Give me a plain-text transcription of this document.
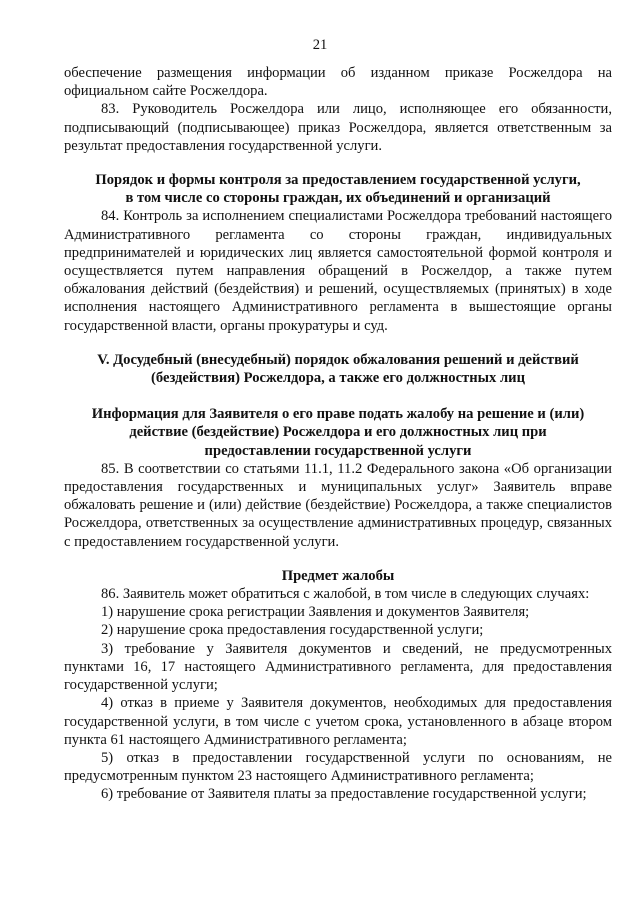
21

обеспечение размещения информации об изданном приказе Росжелдора на официальном сайте Росжелдора.

83. Руководитель Росжелдора или лицо, исполняющее его обязанности, подписывающий (подписывающее) приказ Росжелдора, является ответственным за результат предоставления государственной услуги.

Порядок и формы контроля за предоставлением государственной услуги,
в том числе со стороны граждан, их объединений и организаций

84. Контроль за исполнением специалистами Росжелдора требований настоящего Административного регламента со стороны граждан, индивидуальных предпринимателей и юридических лиц является самостоятельной формой контроля и осуществляется путем направления обращений в Росжелдор, а также путем обжалования действий (бездействия) и решений, осуществляемых (принятых) в ходе исполнения настоящего Административного регламента в вышестоящие органы государственной власти, органы прокуратуры и суд.

V. Досудебный (внесудебный) порядок обжалования решений и действий
(бездействия) Росжелдора, а также его должностных лиц
Информация для Заявителя о его праве подать жалобу на решение и (или)
действие (бездействие) Росжелдора и его должностных лиц при
предоставлении государственной услуги

85. В соответствии со статьями 11.1, 11.2 Федерального закона «Об организации предоставления государственных и муниципальных услуг» Заявитель вправе обжаловать решение и (или) действие (бездействие) Росжелдора, а также специалистов Росжелдора, ответственных за осуществление административных процедур, связанных с предоставлением государственной услуги.

Предмет жалобы

86. Заявитель может обратиться с жалобой, в том числе в следующих случаях:

1) нарушение срока регистрации Заявления и документов Заявителя;

2) нарушение срока предоставления государственной услуги;

3) требование у Заявителя документов и сведений, не предусмотренных пунктами 16, 17 настоящего Административного регламента, для предоставления государственной услуги;

4) отказ в приеме у Заявителя документов, необходимых для предоставления государственной услуги, в том числе с учетом срока, установленного в абзаце втором пункта 61 настоящего Административного регламента;

5) отказ в предоставлении государственной услуги по основаниям, не предусмотренным пунктом 23 настоящего Административного регламента;

6) требование от Заявителя платы за предоставление государственной услуги;
